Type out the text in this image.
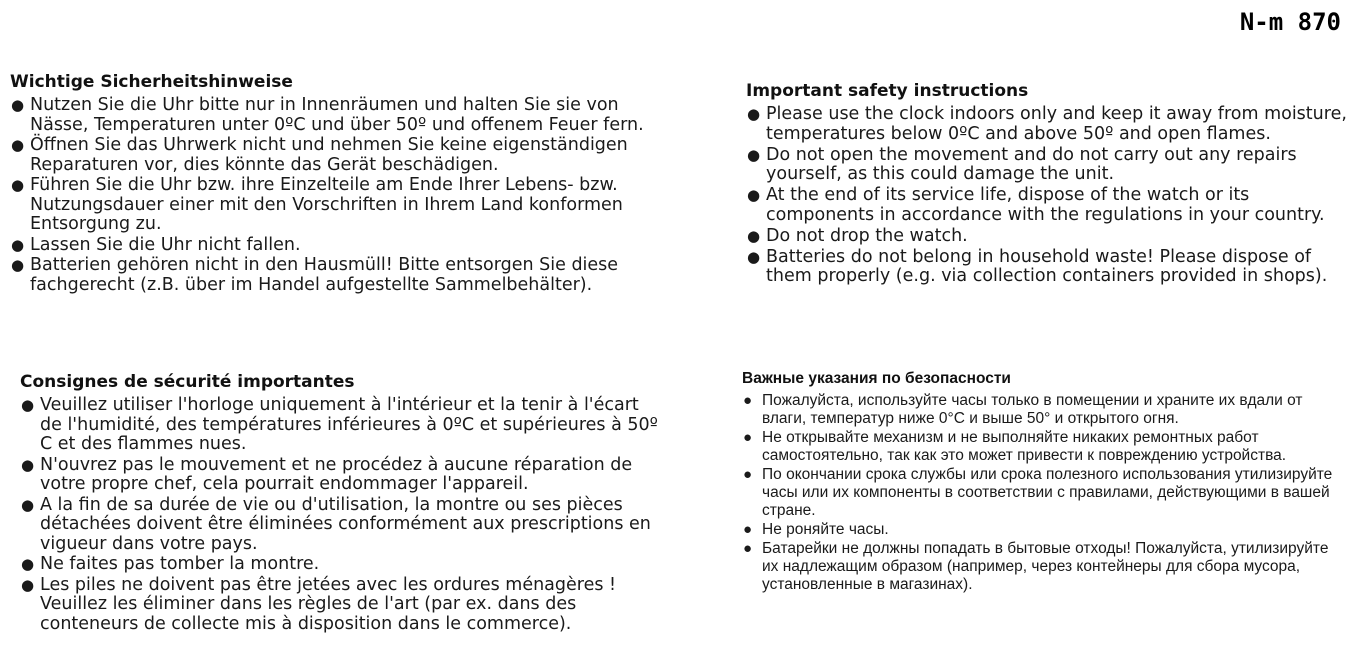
N-m 870
Wichtige Sicherheitshinweise
● Nutzen Sie die Uhr bitte nur in Innenräumen und halten Sie sie von Nässe, Temperaturen unter 0ºC und über 50º und offenem Feuer fern.
● Öffnen Sie das Uhrwerk nicht und nehmen Sie keine eigenständigen Reparaturen vor, dies könnte das Gerät beschädigen.
● Führen Sie die Uhr bzw. ihre Einzelteile am Ende Ihrer Lebens- bzw. Nutzungsdauer einer mit den Vorschriften in Ihrem Land konformen Entsorgung zu.
● Lassen Sie die Uhr nicht fallen.
● Batterien gehören nicht in den Hausmüll! Bitte entsorgen Sie diese fachgerecht (z.B. über im Handel aufgestellte Sammelbehälter).
Important safety instructions
● Please use the clock indoors only and keep it away from moisture, temperatures below 0ºC and above 50º and open flames.
● Do not open the movement and do not carry out any repairs yourself, as this could damage the unit.
● At the end of its service life, dispose of the watch or its components in accordance with the regulations in your country.
● Do not drop the watch.
● Batteries do not belong in household waste! Please dispose of them properly (e.g. via collection containers provided in shops).
Consignes de sécurité importantes
● Veuillez utiliser l'horloge uniquement à l'intérieur et la tenir à l'écart de l'humidité, des températures inférieures à 0ºC et supérieures à 50º C et des flammes nues.
● N'ouvrez pas le mouvement et ne procédez à aucune réparation de votre propre chef, cela pourrait endommager l'appareil.
● A la fin de sa durée de vie ou d'utilisation, la montre ou ses pièces détachées doivent être éliminées conformément aux prescriptions en vigueur dans votre pays.
● Ne faites pas tomber la montre.
● Les piles ne doivent pas être jetées avec les ordures ménagères ! Veuillez les éliminer dans les règles de l'art (par ex. dans des conteneurs de collecte mis à disposition dans le commerce).
Важные указания по безопасности
● Пожалуйста, используйте часы только в помещении и храните их вдали от влаги, температур ниже 0°C и выше 50° и открытого огня.
● Не открывайте механизм и не выполняйте никаких ремонтных работ самостоятельно, так как это может привести к повреждению устройства.
● По окончании срока службы или срока полезного использования утилизируйте часы или их компоненты в соответствии с правилами, действующими в вашей стране.
● Не роняйте часы.
● Батарейки не должны попадать в бытовые отходы! Пожалуйста, утилизируйте их надлежащим образом (например, через контейнеры для сбора мусора, установленные в магазинах).
